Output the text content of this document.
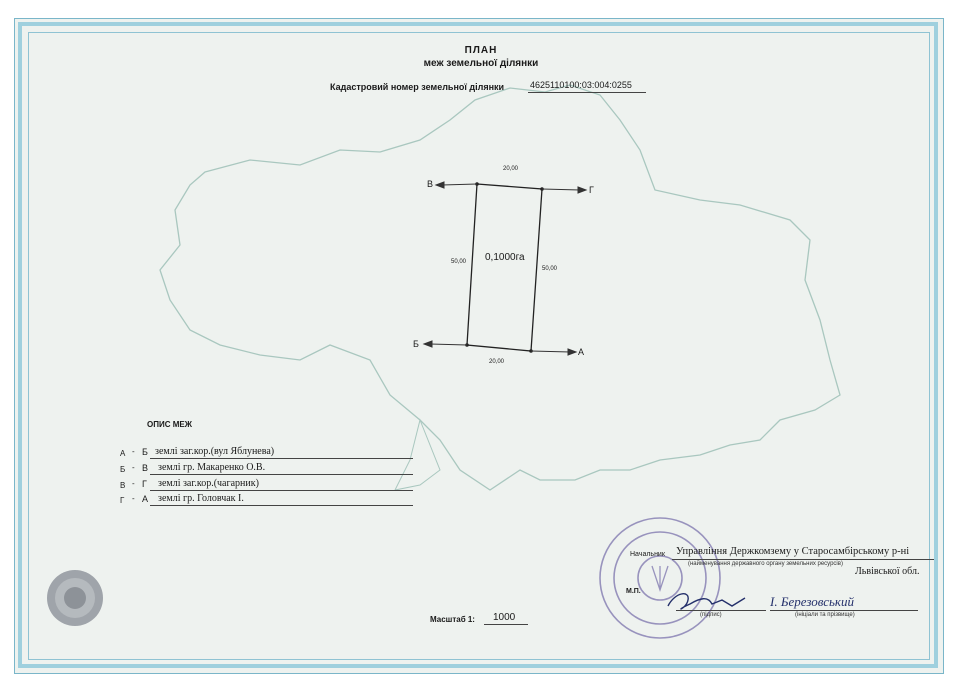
ПЛАН
меж земельної ділянки
Кадастровий номер земельної ділянки	4625110100:03:004:0255
20,00
20,00
50,00
50,00
0,1000га
В
Г
Б
А
ОПИС МЕЖ
А - Б землі заг.кор.(вул Яблунева)
Б - В землі гр. Макаренко О.В.
В - Г землі заг.кор.(чагарник)
Г - А землі гр. Головчак І.
Начальник Управління Держкомзему у Старосамбірському р-ні
(найменування державного органу земельних ресурсів)
Львівської обл.
М.П.
(підпис)	(ініціали та прізвище)
І. Березовський
Масштаб 1: 1000
